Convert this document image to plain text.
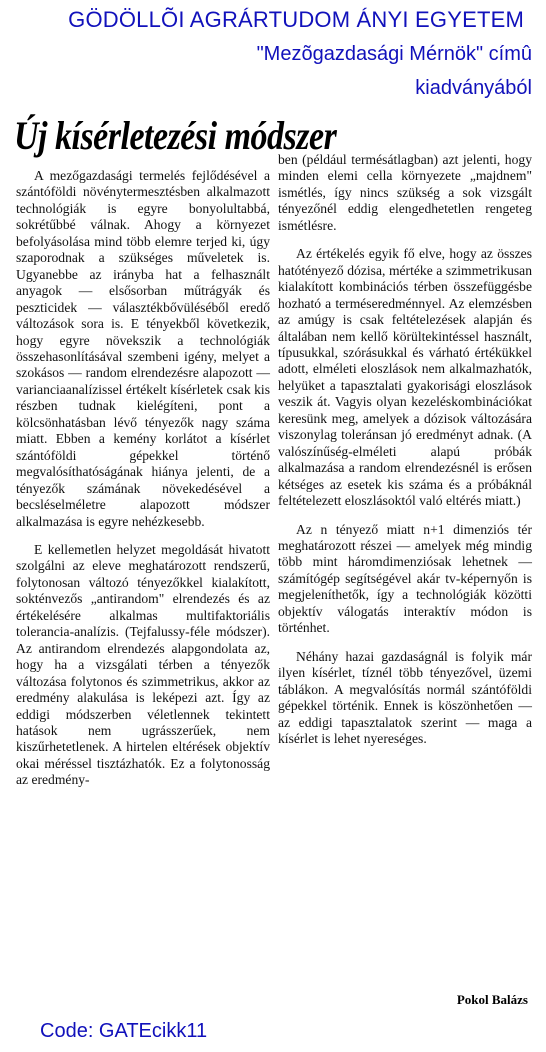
GÖDÖLLÕI AGRÁRTUDOM ÁNYI EGYETEM
"Mezõgazdasági Mérnök" címû
kiadványából
Új kísérletezési módszer

A mezőgazdasági termelés fejlődésével a szántóföldi növénytermesztésben alkalmazott technológiák is egyre bonyolultabbá, sokrétűbbé válnak. Ahogy a környezet befolyásolása mind több elemre terjed ki, úgy szaporodnak a szükséges műveletek is. Ugyanebbe az irányba hat a felhasznált anyagok — elsősorban műtrágyák és peszticidek — választékbővüléséből eredő változások sora is. E tényekből következik, hogy egyre növekszik a technológiák összehasonlításával szembeni igény, melyet a szokásos — random elrendezésre alapozott — varianciaanalízissel értékelt kísérletek csak kis részben tudnak kielégíteni, pont a kölcsönhatásban lévő tényezők nagy száma miatt. Ebben a kemény korlátot a kísérlet szántóföldi gépekkel történő megvalósíthatóságának hiánya jelenti, de a tényezők számának növekedésével a becsléselméletre alapozott módszer alkalmazása is egyre nehézkesebb.

E kellemetlen helyzet megoldását hivatott szolgálni az eleve meghatározott rendszerű, folytonosan változó tényezőkkel kialakított, sokténvezős „antirandom" elrendezés és az értékelésére alkalmas multifaktoriális tolerancia-analízis. (Tejfalussy-féle módszer). Az antirandom elrendezés alapgondolata az, hogy ha a vizsgálati térben a tényezők változása folytonos és szimmetrikus, akkor az eredmény alakulása is leképezi azt. Így az eddigi módszerben véletlennek tekintett hatások nem ugrásszerűek, nem kiszűrhetetlenek. A hirtelen eltérések objektív okai méréssel tisztázhatók. Ez a folytonosság az eredmény-

ben (például termésátlagban) azt jelenti, hogy minden elemi cella környezete „majdnem" ismétlés, így nincs szükség a sok vizsgált tényezőnél eddig elengedhetetlen rengeteg ismétlésre.

Az értékelés egyik fő elve, hogy az összes hatótényező dózisa, mértéke a szimmetrikusan kialakított kombinációs térben összefüggésbe hozható a terméseredménnyel. Az elemzésben az amúgy is csak feltételezések alapján és általában nem kellő körültekintéssel használt, típusukkal, szórásukkal és várható értékükkel adott, elméleti eloszlások nem alkalmazhatók, helyüket a tapasztalati gyakorisági eloszlások veszik át. Vagyis olyan kezeléskombinációkat keresünk meg, amelyek a dózisok változására viszonylag toleránsan jó eredményt adnak. (A valószínűség-elméleti alapú próbák alkalmazása a random elrendezésnél is erősen kétséges az esetek kis száma és a próbáknál feltételezett eloszlásoktól való eltérés miatt.)

Az n tényező miatt n+1 dimenziós tér meghatározott részei — amelyek még mindig több mint háromdimenziósak lehetnek — számítógép segítségével akár tv-képernyőn is megjeleníthetők, így a technológiák közötti objektív válogatás interaktív módon is történhet.

Néhány hazai gazdaságnál is folyik már ilyen kísérlet, tíznél több tényezővel, üzemi táblákon. A megvalósítás normál szántóföldi gépekkel történik. Ennek is köszönhetően — az eddigi tapasztalatok szerint — maga a kísérlet is lehet nyereséges.

Pokol Balázs
Code: GATEcikk11
